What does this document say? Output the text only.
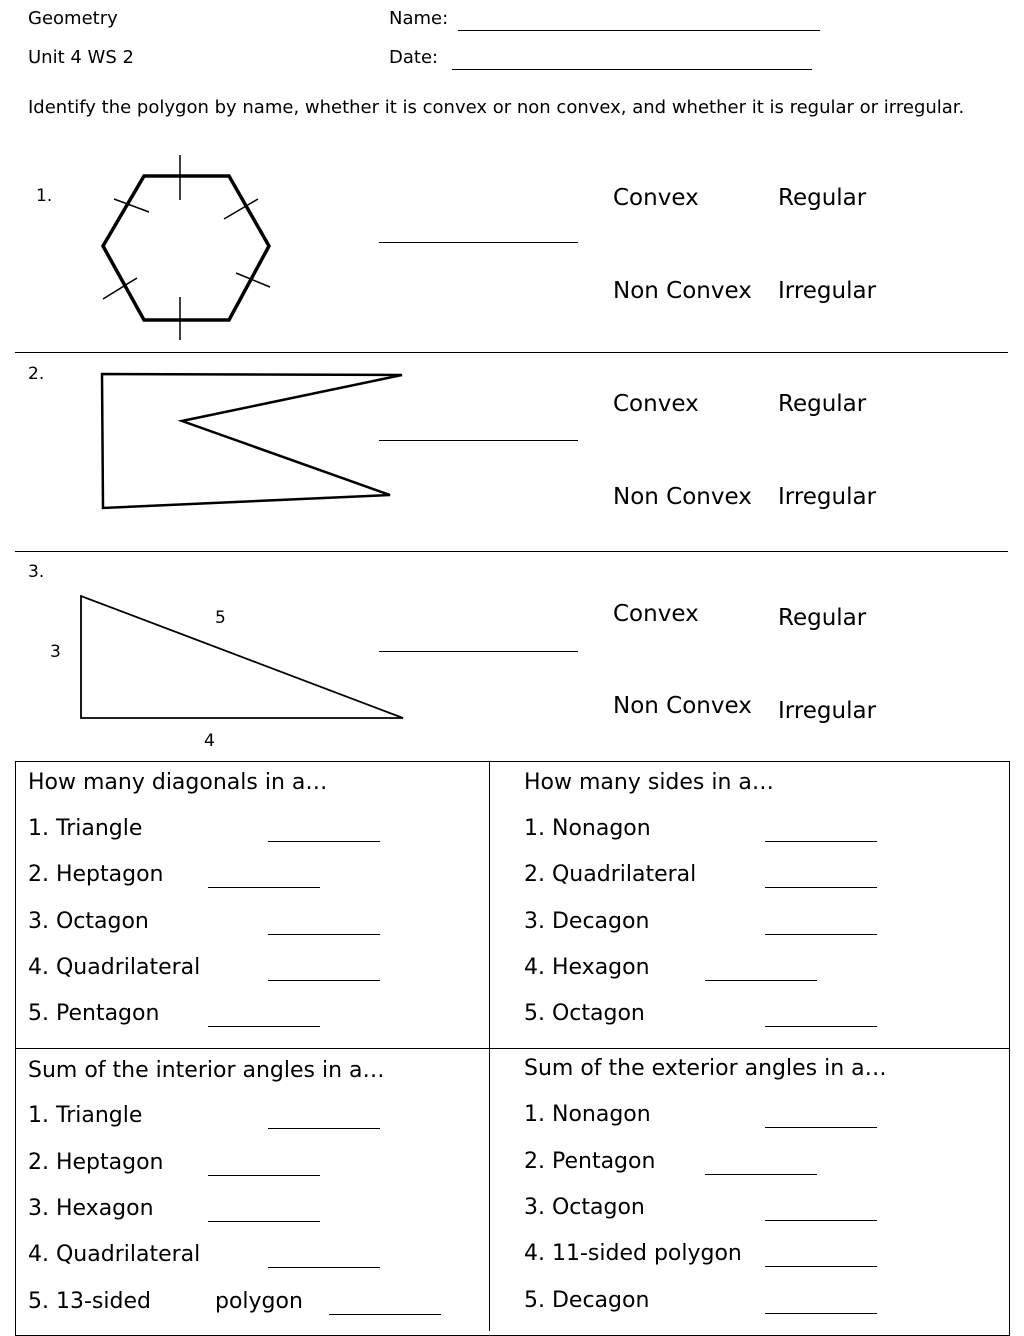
Geometry
Unit 4 WS 2
Name:
Date:
Identify the polygon by name, whether it is convex or non convex, and whether it is regular or irregular.
1.	Convex	Regular
Non Convex Irregular
2.
Convex	Regular
Non Convex Irregular
3.
5
3
4
Convex	Regular
Non Convex Irregular
How many diagonals in a…
1. Triangle
2. Heptagon
3. Octagon
4. Quadrilateral
5. Pentagon
How many sides in a…
1. Nonagon
2. Quadrilateral
3. Decagon
4. Hexagon
5. Octagon
Sum of the interior angles in a…
1. Triangle
2. Heptagon
3. Hexagon
4. Quadrilateral
5. 13-sided	polygon
Sum of the exterior angles in a…
1. Nonagon
2. Pentagon
3. Octagon
4. 11-sided polygon
5. Decagon
